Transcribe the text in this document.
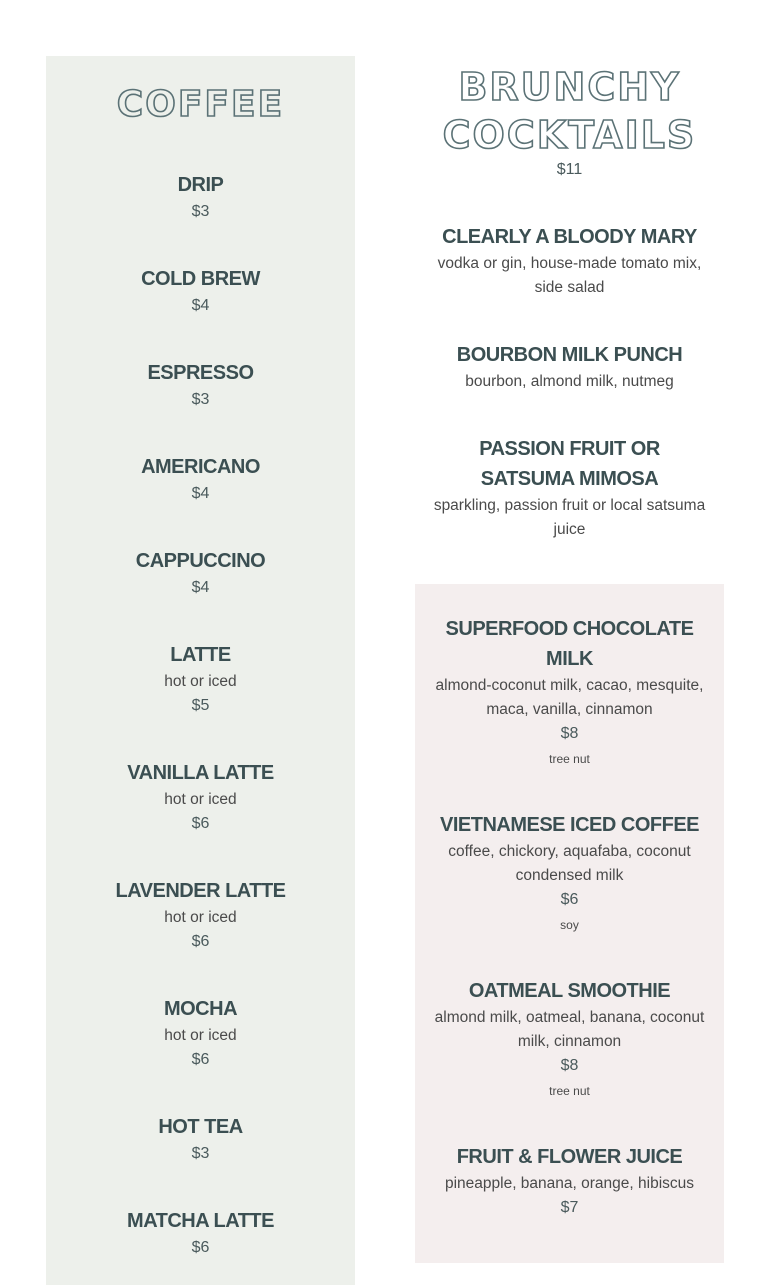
COFFEE
DRIP
$3
COLD BREW
$4
ESPRESSO
$3
AMERICANO
$4
CAPPUCCINO
$4
LATTE
hot or iced
$5
VANILLA LATTE
hot or iced
$6
LAVENDER LATTE
hot or iced
$6
MOCHA
hot or iced
$6
HOT TEA
$3
MATCHA LATTE
$6
BRUNCHY
COCKTAILS
$11
CLEARLY A BLOODY MARY
vodka or gin, house-made tomato mix, side salad
BOURBON MILK PUNCH
bourbon, almond milk, nutmeg
PASSION FRUIT OR SATSUMA MIMOSA
sparkling, passion fruit or local satsuma juice
SUPERFOOD CHOCOLATE MILK
almond-coconut milk, cacao, mesquite, maca, vanilla, cinnamon
$8
tree nut
VIETNAMESE ICED COFFEE
coffee, chickory, aquafaba, coconut condensed milk
$6
soy
OATMEAL SMOOTHIE
almond milk, oatmeal, banana, coconut milk, cinnamon
$8
tree nut
FRUIT & FLOWER JUICE
pineapple, banana, orange, hibiscus
$7
